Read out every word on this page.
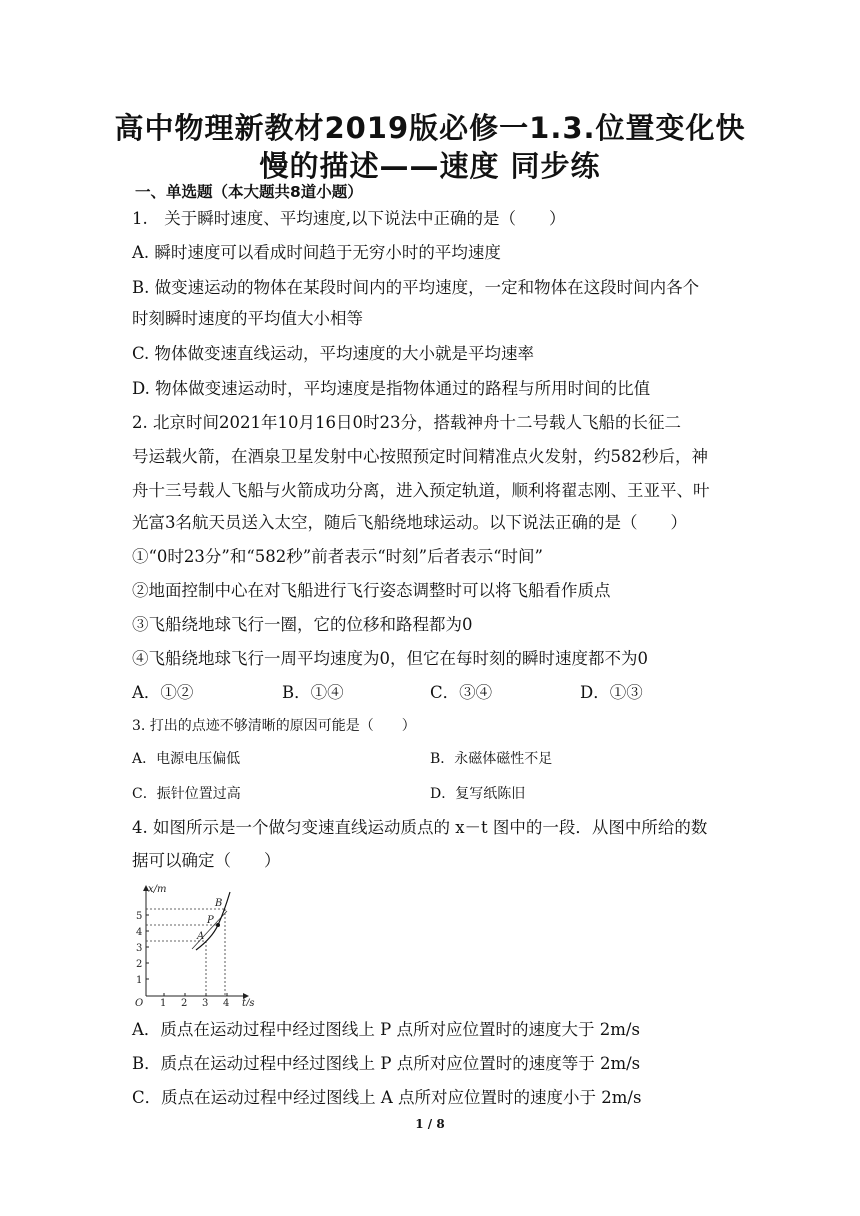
高中物理新教材2019版必修一1.3.位置变化快
慢的描述——速度 同步练
一、单选题（本大题共8道小题）
1.　关于瞬时速度、平均速度,以下说法中正确的是（　　）
A. 瞬时速度可以看成时间趋于无穷小时的平均速度
B. 做变速运动的物体在某段时间内的平均速度，一定和物体在这段时间内各个
时刻瞬时速度的平均值大小相等
C. 物体做变速直线运动，平均速度的大小就是平均速率
D. 物体做变速运动时，平均速度是指物体通过的路程与所用时间的比值
2. 北京时间2021年10月16日0时23分，搭载神舟十二号载人飞船的长征二
号运载火箭，在酒泉卫星发射中心按照预定时间精准点火发射，约582秒后，神
舟十三号载人飞船与火箭成功分离，进入预定轨道，顺利将翟志刚、王亚平、叶
光富3名航天员送入太空，随后飞船绕地球运动。以下说法正确的是（　　）
①“0时23分”和“582秒”前者表示“时刻”后者表示“时间”
②地面控制中心在对飞船进行飞行姿态调整时可以将飞船看作质点
③飞船绕地球飞行一圈，它的位移和路程都为0
④飞船绕地球飞行一周平均速度为0，但它在每时刻的瞬时速度都不为0
A．①②	B．①④	C．③④	D．①③
3. 打出的点迹不够清晰的原因可能是（　　）
A．电源电压偏低	B．永磁体磁性不足
C．振针位置过高	D．复写纸陈旧
4. 如图所示是一个做匀变速直线运动质点的 x－t 图中的一段．从图中所给的数
据可以确定（　　）
x/m
t/s
O
1
2
3
4
5
1 2 3 4
A
P
B
A．质点在运动过程中经过图线上 P 点所对应位置时的速度大于 2m/s
B．质点在运动过程中经过图线上 P 点所对应位置时的速度等于 2m/s
C．质点在运动过程中经过图线上 A 点所对应位置时的速度小于 2m/s
1 / 8
